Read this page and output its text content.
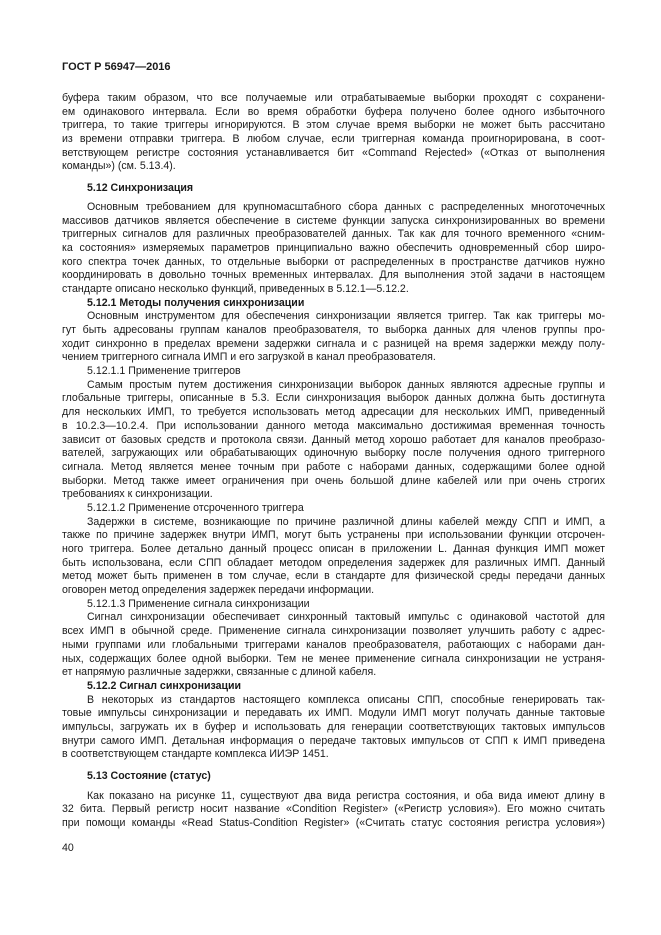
ГОСТ Р 56947—2016
буфера таким образом, что все получаемые или отрабатываемые выборки проходят с сохранени-
ем одинакового интервала. Если во время обработки буфера получено более одного избыточного
триггера, то такие триггеры игнорируются. В этом случае время выборки не может быть рассчитано
из времени отправки триггера. В любом случае, если триггерная команда проигнорирована, в соот-
ветствующем регистре состояния устанавливается бит «Command Rejected» («Отказ от выполнения
команды») (см. 5.13.4).
5.12 Синхронизация
Основным требованием для крупномасштабного сбора данных с распределенных многоточечных
массивов датчиков является обеспечение в системе функции запуска синхронизированных во времени
триггерных сигналов для различных преобразователей данных. Так как для точного временного «сним-
ка состояния» измеряемых параметров принципиально важно обеспечить одновременный сбор широ-
кого спектра точек данных, то отдельные выборки от распределенных в пространстве датчиков нужно
координировать в довольно точных временных интервалах. Для выполнения этой задачи в настоящем
стандарте описано несколько функций, приведенных в 5.12.1—5.12.2.
5.12.1 Методы получения синхронизации
Основным инструментом для обеспечения синхронизации является триггер. Так как триггеры мо-
гут быть адресованы группам каналов преобразователя, то выборка данных для членов группы про-
ходит синхронно в пределах времени задержки сигнала и с разницей на время задержки между полу-
чением триггерного сигнала ИМП и его загрузкой в канал преобразователя.
5.12.1.1 Применение триггеров
Самым простым путем достижения синхронизации выборок данных являются адресные группы и
глобальные триггеры, описанные в 5.3. Если синхронизация выборок данных должна быть достигнута
для нескольких ИМП, то требуется использовать метод адресации для нескольких ИМП, приведенный
в 10.2.3—10.2.4. При использовании данного метода максимально достижимая временная точность
зависит от базовых средств и протокола связи. Данный метод хорошо работает для каналов преобразо-
вателей, загружающих или обрабатывающих одиночную выборку после получения одного триггерного
сигнала. Метод является менее точным при работе с наборами данных, содержащими более одной
выборки. Метод также имеет ограничения при очень большой длине кабелей или при очень строгих
требованиях к синхронизации.
5.12.1.2 Применение отсроченного триггера
Задержки в системе, возникающие по причине различной длины кабелей между СПП и ИМП, а
также по причине задержек внутри ИМП, могут быть устранены при использовании функции отсрочен-
ного триггера. Более детально данный процесс описан в приложении L. Данная функция ИМП может
быть использована, если СПП обладает методом определения задержек для различных ИМП. Данный
метод может быть применен в том случае, если в стандарте для физической среды передачи данных
оговорен метод определения задержек передачи информации.
5.12.1.3 Применение сигнала синхронизации
Сигнал синхронизации обеспечивает синхронный тактовый импульс с одинаковой частотой для
всех ИМП в обычной среде. Применение сигнала синхронизации позволяет улучшить работу с адрес-
ными группами или глобальными триггерами каналов преобразователя, работающих с наборами дан-
ных, содержащих более одной выборки. Тем не менее применение сигнала синхронизации не устраня-
ет напрямую различные задержки, связанные с длиной кабеля.
5.12.2 Сигнал синхронизации
В некоторых из стандартов настоящего комплекса описаны СПП, способные генерировать так-
товые импульсы синхронизации и передавать их ИМП. Модули ИМП могут получать данные тактовые
импульсы, загружать их в буфер и использовать для генерации соответствующих тактовых импульсов
внутри самого ИМП. Детальная информация о передаче тактовых импульсов от СПП к ИМП приведена
в соответствующем стандарте комплекса ИИЭР 1451.
5.13 Состояние (статус)
Как показано на рисунке 11, существуют два вида регистра состояния, и оба вида имеют длину в
32 бита. Первый регистр носит название «Condition Register» («Регистр условия»). Его можно считать
при помощи команды «Read Status-Condition Register» («Считать статус состояния регистра условия»)
40
